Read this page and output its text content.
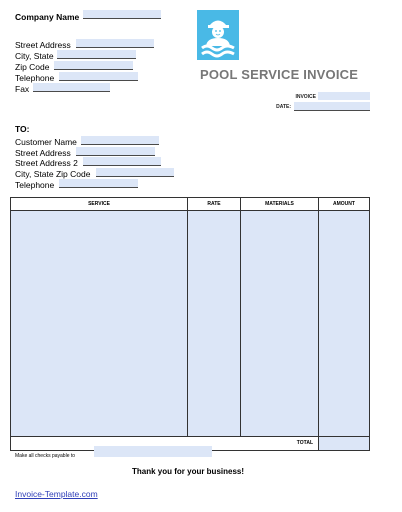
Company Name
Street Address
City, State
Zip Code
Telephone
Fax
POOL SERVICE INVOICE
INVOICE
DATE:
TO:
Customer Name
Street Address
Street Address 2
City, State Zip Code
Telephone
SERVICE	RATE	MATERIALS	AMOUNT
TOTAL
Make all checks payable to
Thank you for your business!
Invoice-Template.com
